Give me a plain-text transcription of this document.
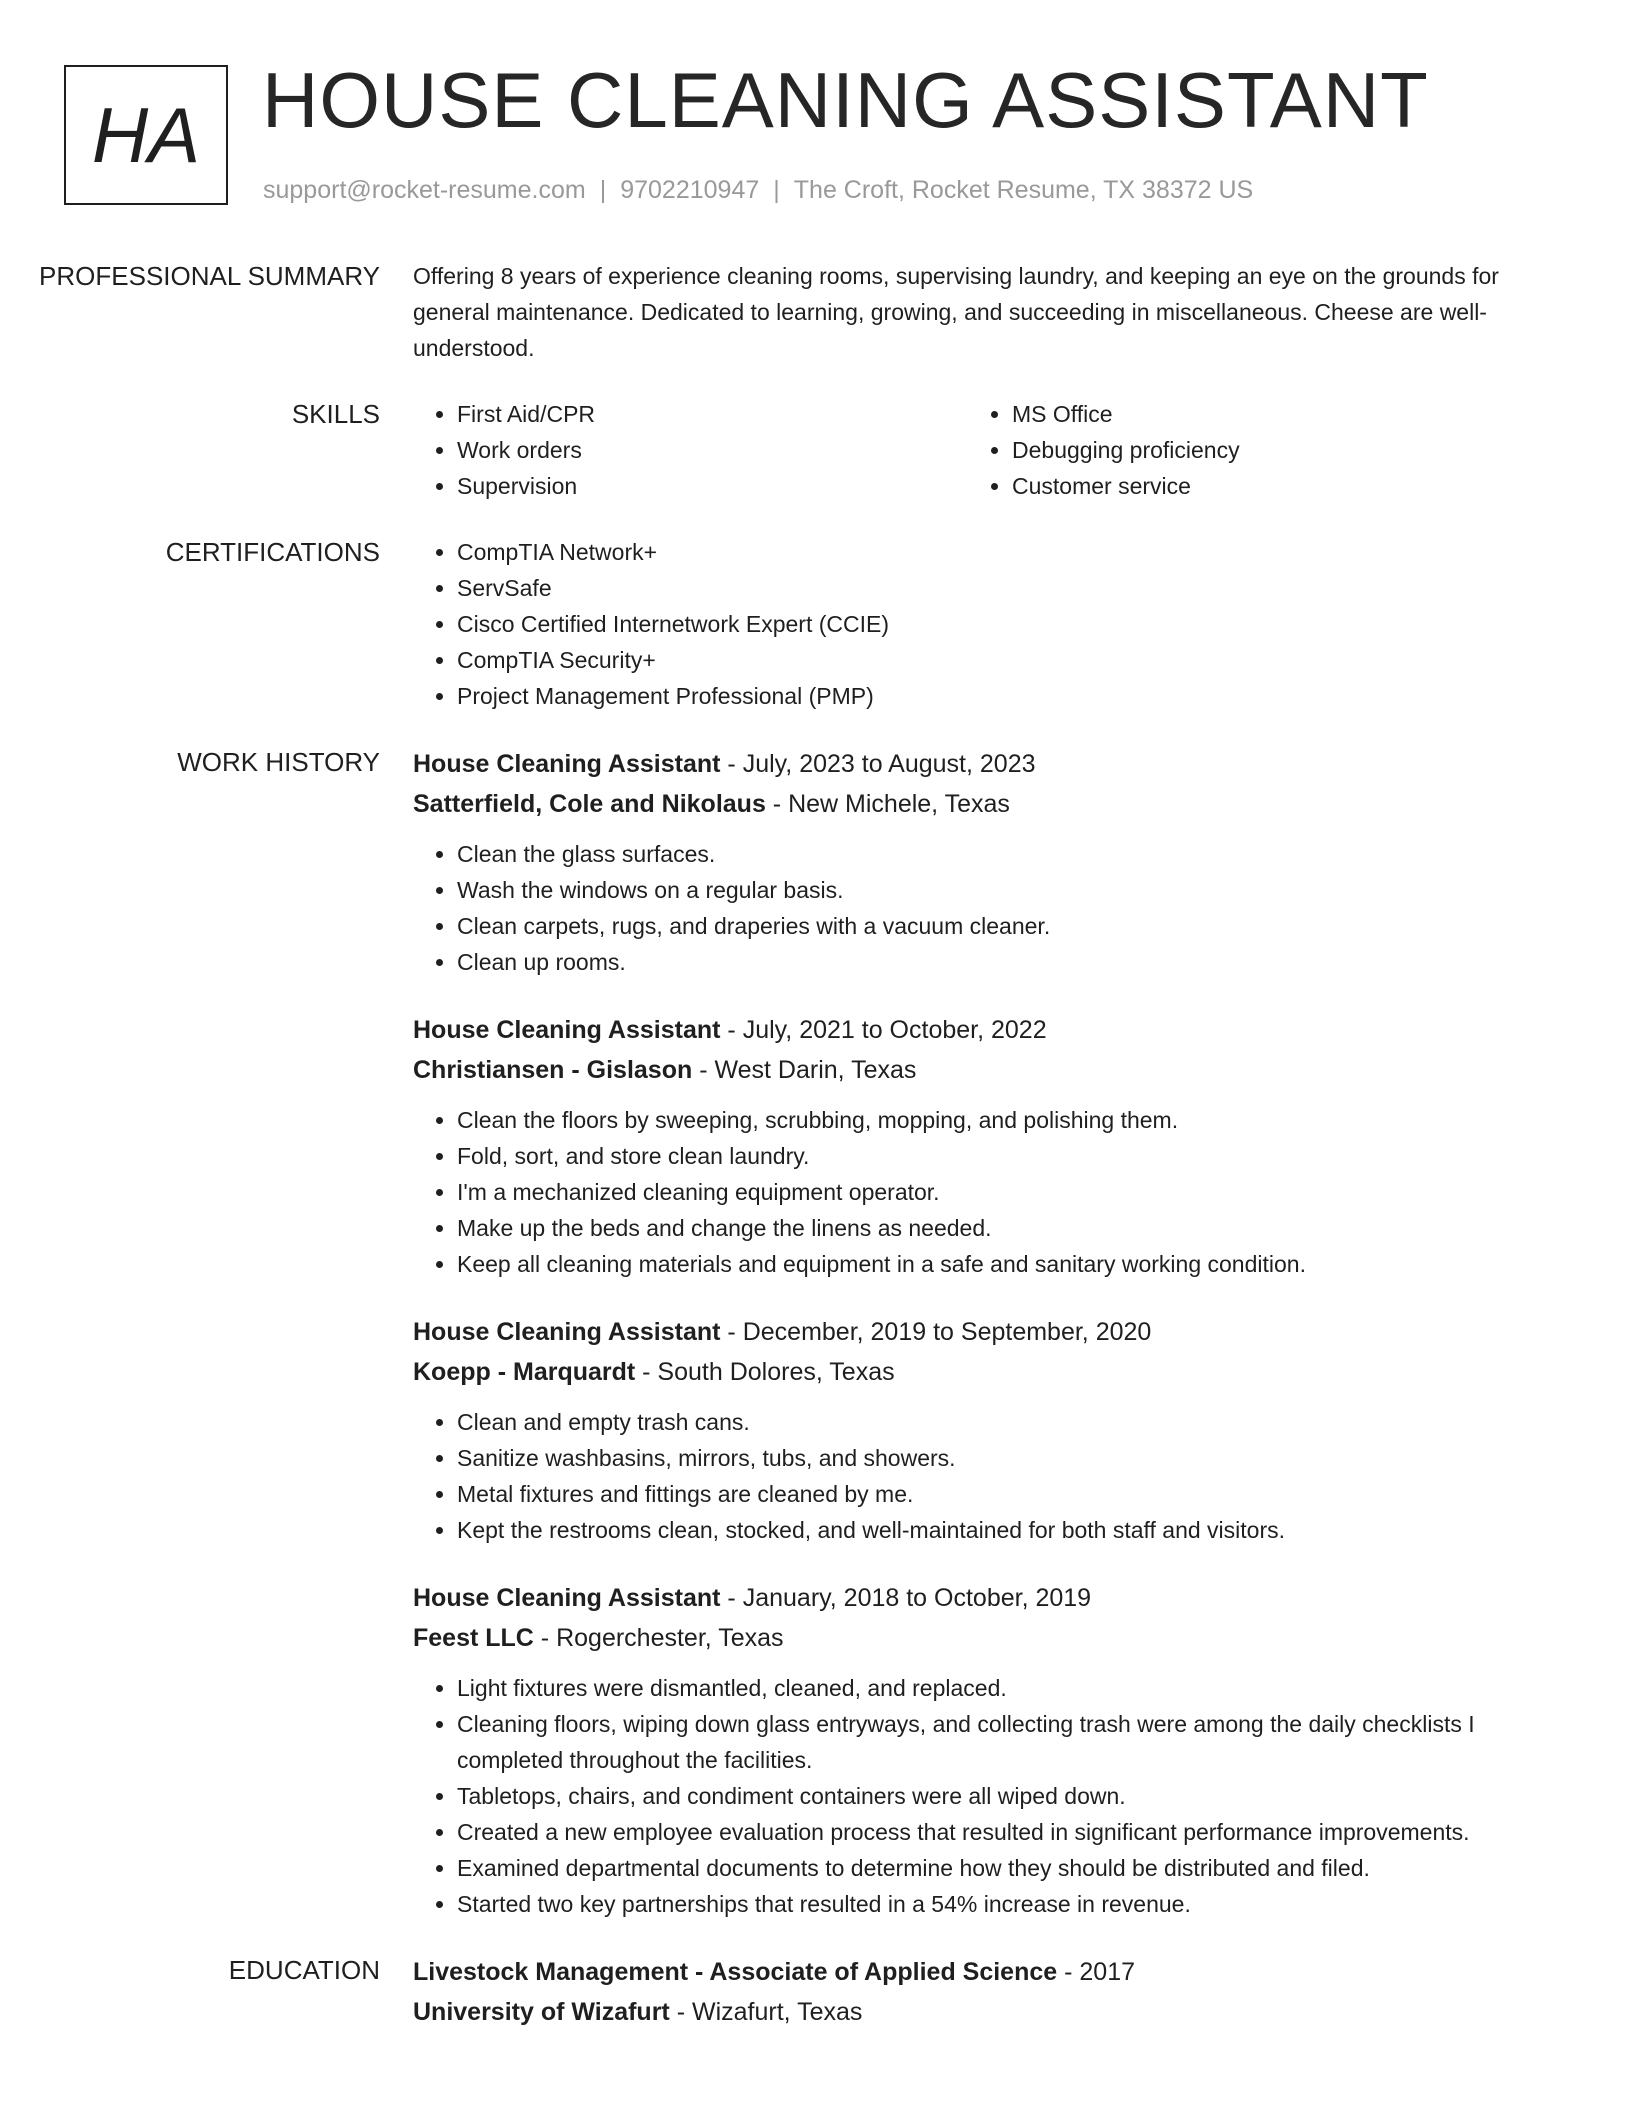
HA HOUSE CLEANING ASSISTANT
support@rocket-resume.com | 9702210947 | The Croft, Rocket Resume, TX 38372 US
PROFESSIONAL SUMMARY	Offering 8 years of experience cleaning rooms, supervising laundry, and keeping an eye on the grounds for general maintenance. Dedicated to learning, growing, and succeeding in miscellaneous. Cheese are well-understood.

SKILLS	• First Aid/CPR
• Work orders
• Supervision
• MS Office
• Debugging proficiency
• Customer service
CERTIFICATIONS	• CompTIA Network+
• ServSafe
• Cisco Certified Internetwork Expert (CCIE)
• CompTIA Security+
• Project Management Professional (PMP)
WORK HISTORY	House Cleaning Assistant - July, 2023 to August, 2023
Satterfield, Cole and Nikolaus - New Michele, Texas
• Clean the glass surfaces.
• Wash the windows on a regular basis.
• Clean carpets, rugs, and draperies with a vacuum cleaner.
• Clean up rooms.
House Cleaning Assistant - July, 2021 to October, 2022
Christiansen - Gislason - West Darin, Texas
• Clean the floors by sweeping, scrubbing, mopping, and polishing them.
• Fold, sort, and store clean laundry.
• I'm a mechanized cleaning equipment operator.
• Make up the beds and change the linens as needed.
• Keep all cleaning materials and equipment in a safe and sanitary working condition.
House Cleaning Assistant - December, 2019 to September, 2020
Koepp - Marquardt - South Dolores, Texas
• Clean and empty trash cans.
• Sanitize washbasins, mirrors, tubs, and showers.
• Metal fixtures and fittings are cleaned by me.
• Kept the restrooms clean, stocked, and well-maintained for both staff and visitors.
House Cleaning Assistant - January, 2018 to October, 2019
Feest LLC - Rogerchester, Texas
• Light fixtures were dismantled, cleaned, and replaced.
• Cleaning floors, wiping down glass entryways, and collecting trash were among the daily checklists I completed throughout the facilities.
• Tabletops, chairs, and condiment containers were all wiped down.
• Created a new employee evaluation process that resulted in significant performance improvements.
• Examined departmental documents to determine how they should be distributed and filed.
• Started two key partnerships that resulted in a 54% increase in revenue.
EDUCATION	Livestock Management - Associate of Applied Science - 2017
University of Wizafurt - Wizafurt, Texas
